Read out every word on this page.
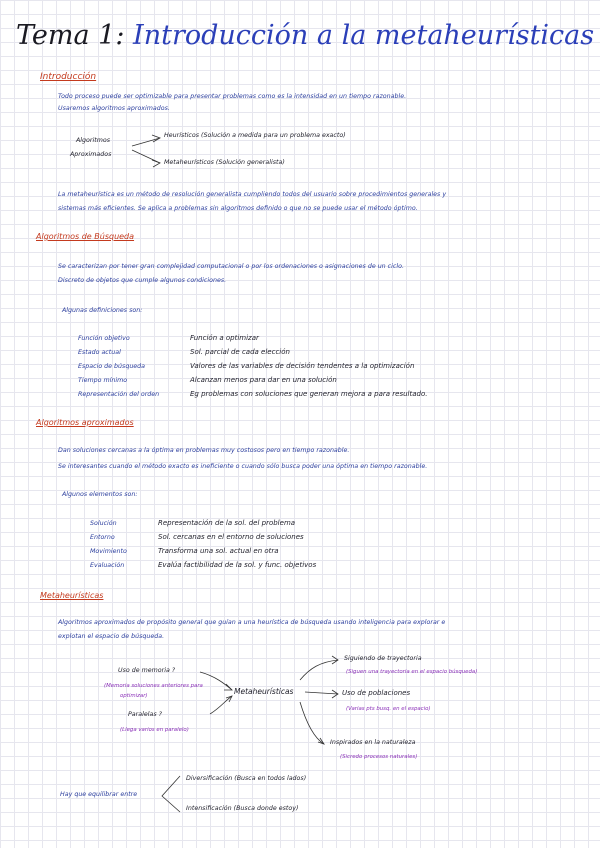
Tema 1: Introducción a la metaheurísticas
Introducción
Todo proceso puede ser optimizable para presentar problemas como es la intensidad en un tiempo razonable.
Usaremos algoritmos aproximados.
Algoritmos
Aproximados
Heurísticos (Solución a medida para un problema exacto)
Metaheurísticos (Solución generalista)
La metaheurística es un método de resolución generalista cumpliendo todos del usuario sobre procedimientos generales y
sistemas más eficientes. Se aplica a problemas sin algoritmos definido o que no se puede usar el método óptimo.
Algoritmos de Búsqueda
Se caracterizan por tener gran complejidad computacional o por los ordenaciones o asignaciones de un ciclo.
Discreto de objetos que cumple algunos condiciones.
Algunas definiciones son:
Función objetivo	Función a optimizar
Estado actual	Sol. parcial de cada elección
Espacio de búsqueda	Valores de las variables de decisión tendentes a la optimización
Tiempo mínimo	Alcanzan menos para dar en una solución
Representación del orden	Eg problemas con soluciones que generan mejora a para resultado.
Algoritmos aproximados
Dan soluciones cercanas a la óptima en problemas muy costosos pero en tiempo razonable.
Se interesantes cuando el método exacto es ineficiente o cuando sólo busca poder una óptima en tiempo razonable.
Algunos elementos son:
Solución	Representación de la sol. del problema
Entorno	Sol. cercanas en el entorno de soluciones
Movimiento	Transforma una sol. actual en otra
Evaluación	Evalúa factibilidad de la sol. y func. objetivos
Metaheurísticas
Algoritmos aproximados de propósito general que guían a una heurística de búsqueda usando inteligencia para explorar e
explotan el espacio de búsqueda.
Uso de memoria ?
(Memoria soluciones anteriores para
optimizar)
Paralelas ?
(Llega varios en paralelo)
Metaheurísticas
Siguiendo de trayectoria
(Siguen una trayectoria en el espacio búsqueda)
Uso de poblaciones
(Varias pts busq. en el espacio)
Inspirados en la naturaleza
(Sicredo procesos naturales)
Hay que equilibrar entre
Diversificación (Busca en todos lados)
Intensificación (Busca donde estoy)
